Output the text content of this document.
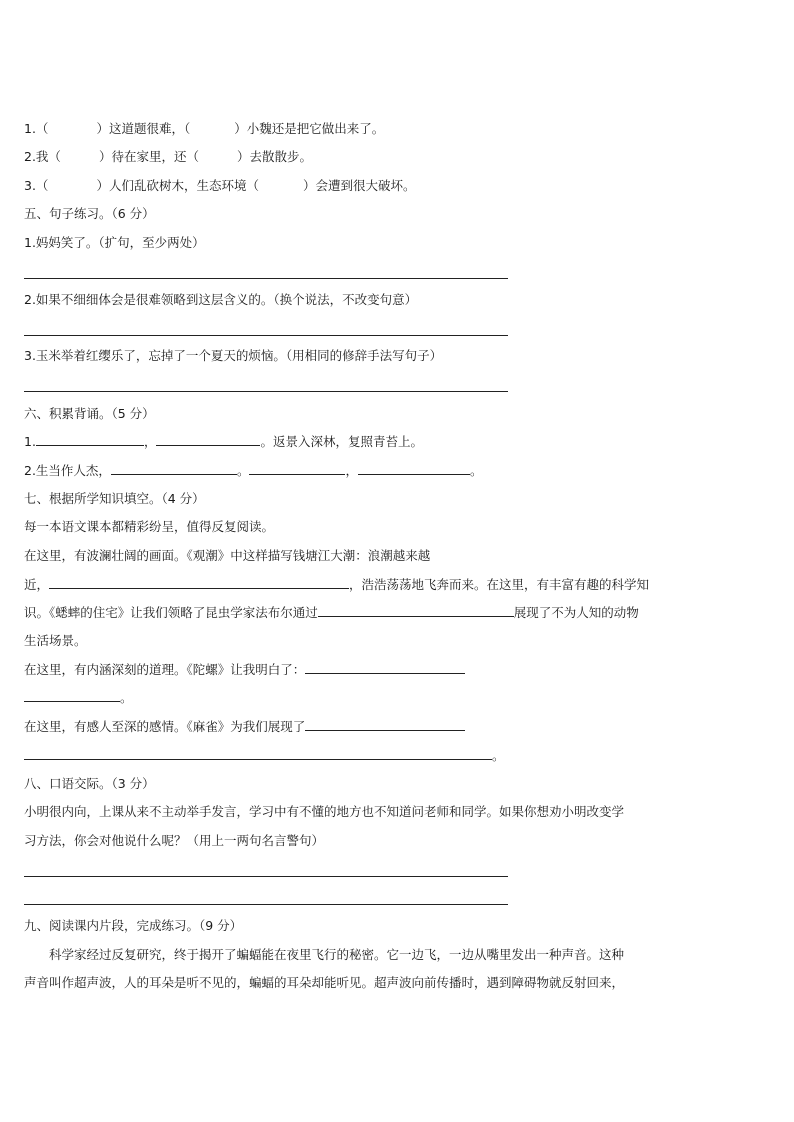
1.（	）这道题很难，（	）小魏还是把它做出来了。
2.我（	）待在家里，还（	）去散散步。
3.（	）人们乱砍树木，生态环境（	）会遭到很大破坏。
五、句子练习。（6 分）
1.妈妈笑了。（扩句，至少两处）
2.如果不细细体会是很难领略到这层含义的。（换个说法，不改变句意）
3.玉米举着红缨乐了，忘掉了一个夏天的烦恼。（用相同的修辞手法写句子）
六、积累背诵。（5 分）
1.	，	。返景入深林，复照青苔上。
2.生当作人杰，	。	，	。
七、根据所学知识填空。（4 分）
每一本语文课本都精彩纷呈，值得反复阅读。
在这里，有波澜壮阔的画面。《观潮》中这样描写钱塘江大潮：浪潮越来越
近，	，浩浩荡荡地飞奔而来。在这里，有丰富有趣的科学知
识。《蟋蟀的住宅》让我们领略了昆虫学家法布尔通过	展现了不为人知的动物
生活场景。
在这里，有内涵深刻的道理。《陀螺》让我明白了：
。
在这里，有感人至深的感情。《麻雀》为我们展现了
。
八、口语交际。（3 分）
小明很内向，上课从来不主动举手发言，学习中有不懂的地方也不知道问老师和同学。如果你想劝小明改变学
习方法，你会对他说什么呢？（用上一两句名言警句）
九、阅读课内片段，完成练习。（9 分）
　　科学家经过反复研究，终于揭开了蝙蝠能在夜里飞行的秘密。它一边飞，一边从嘴里发出一种声音。这种
声音叫作超声波，人的耳朵是听不见的，蝙蝠的耳朵却能听见。超声波向前传播时，遇到障碍物就反射回来，
